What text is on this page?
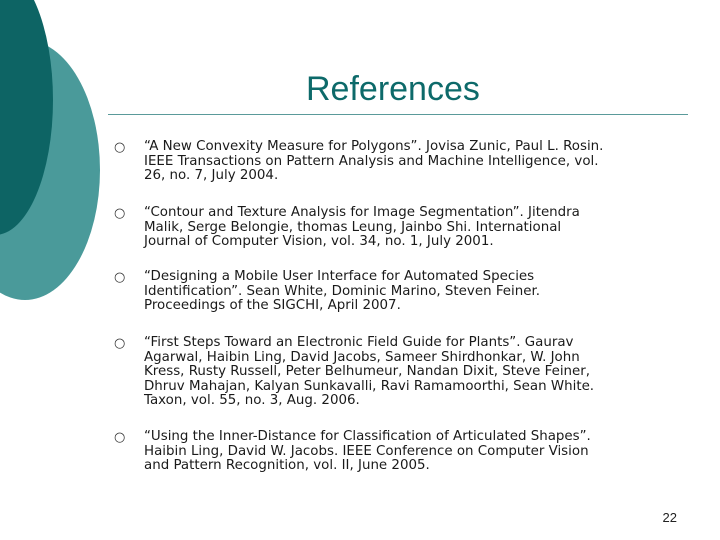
References
○	“A New Convexity Measure for Polygons”. Jovisa Zunic, Paul L. Rosin.
IEEE Transactions on Pattern Analysis and Machine Intelligence, vol.
26, no. 7, July 2004.
○	“Contour and Texture Analysis for Image Segmentation”. Jitendra
Malik, Serge Belongie, thomas Leung, Jainbo Shi. International
Journal of Computer Vision, vol. 34, no. 1, July 2001.
○	“Designing a Mobile User Interface for Automated Species
Identification”. Sean White, Dominic Marino, Steven Feiner.
Proceedings of the SIGCHI, April 2007.
○	“First Steps Toward an Electronic Field Guide for Plants”. Gaurav
Agarwal, Haibin Ling, David Jacobs, Sameer Shirdhonkar, W. John
Kress, Rusty Russell, Peter Belhumeur, Nandan Dixit, Steve Feiner,
Dhruv Mahajan, Kalyan Sunkavalli, Ravi Ramamoorthi, Sean White.
Taxon, vol. 55, no. 3, Aug. 2006.
○	“Using the Inner-Distance for Classification of Articulated Shapes”.
Haibin Ling, David W. Jacobs. IEEE Conference on Computer Vision
and Pattern Recognition, vol. II, June 2005.
22
